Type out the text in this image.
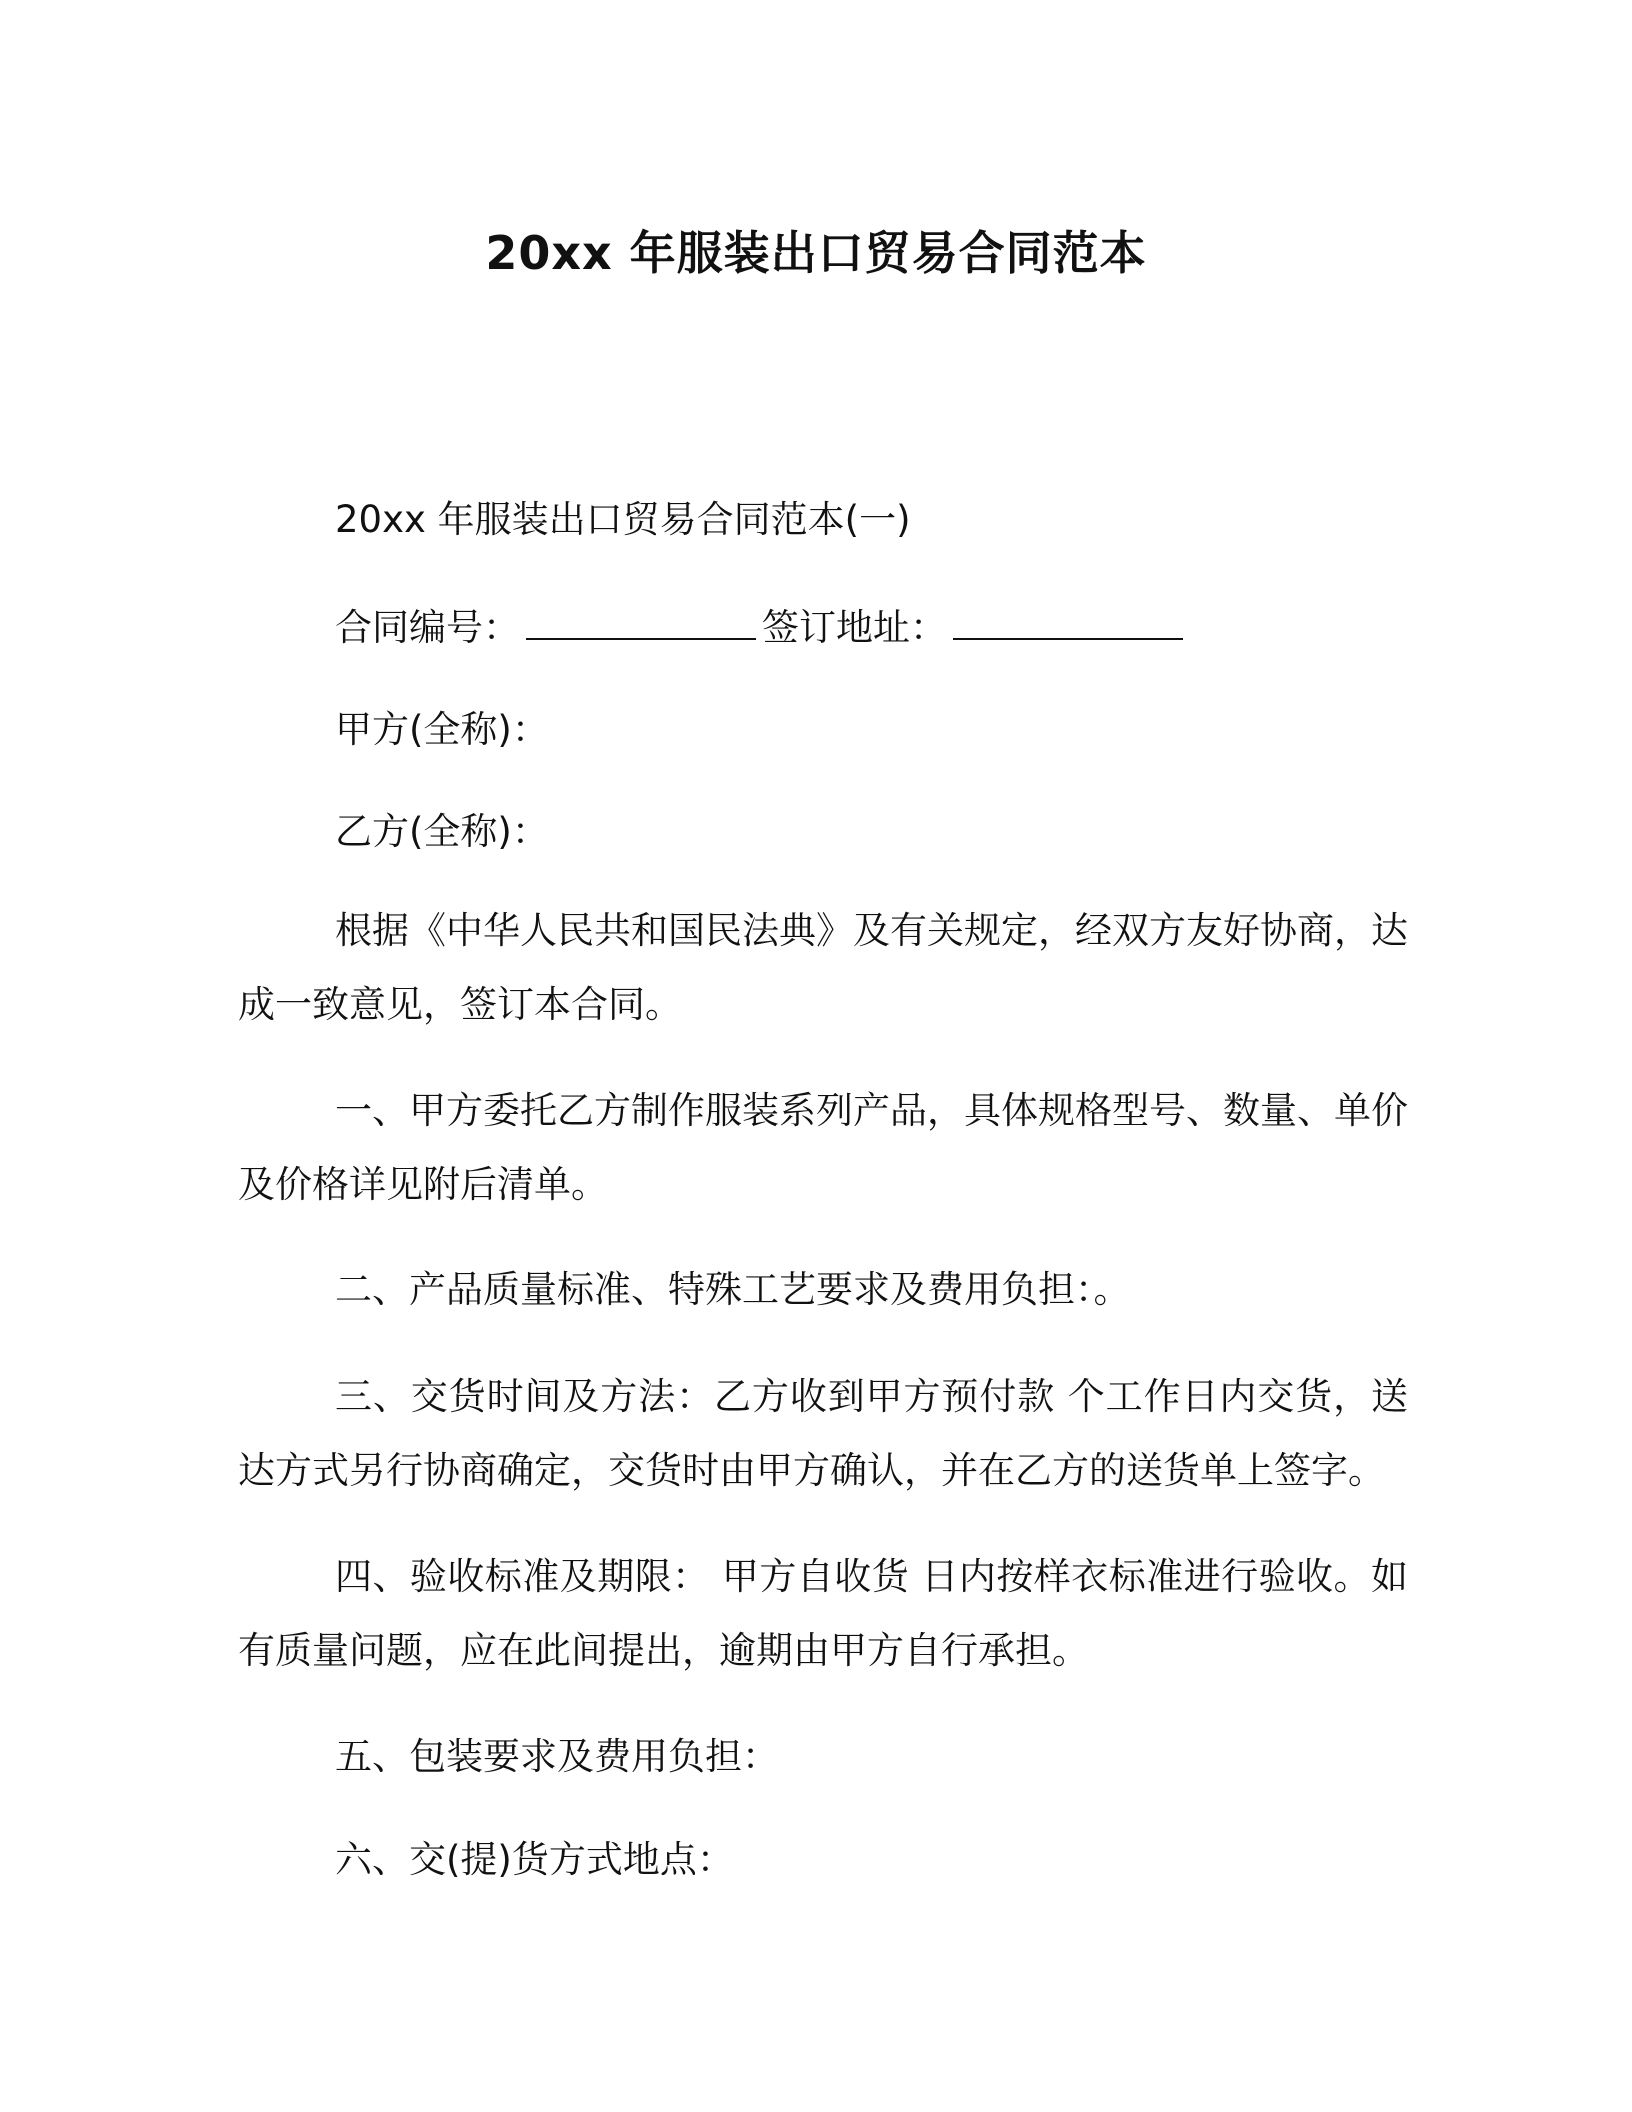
20xx 年服装出口贸易合同范本
20xx 年服装出口贸易合同范本(一)
合同编号：	签订地址：
甲方(全称)：
乙方(全称)：
根据《中华人民共和国民法典》及有关规定，经双方友好协商，达成一致意见，签订本合同。
一、甲方委托乙方制作服装系列产品，具体规格型号、数量、单价及价格详见附后清单。
二、产品质量标准、特殊工艺要求及费用负担：。
三、交货时间及方法：乙方收到甲方预付款 个工作日内交货，送达方式另行协商确定，交货时由甲方确认，并在乙方的送货单上签字。
四、验收标准及期限： 甲方自收货 日内按样衣标准进行验收。如有质量问题，应在此间提出，逾期由甲方自行承担。
五、包装要求及费用负担：
六、交(提)货方式地点：
